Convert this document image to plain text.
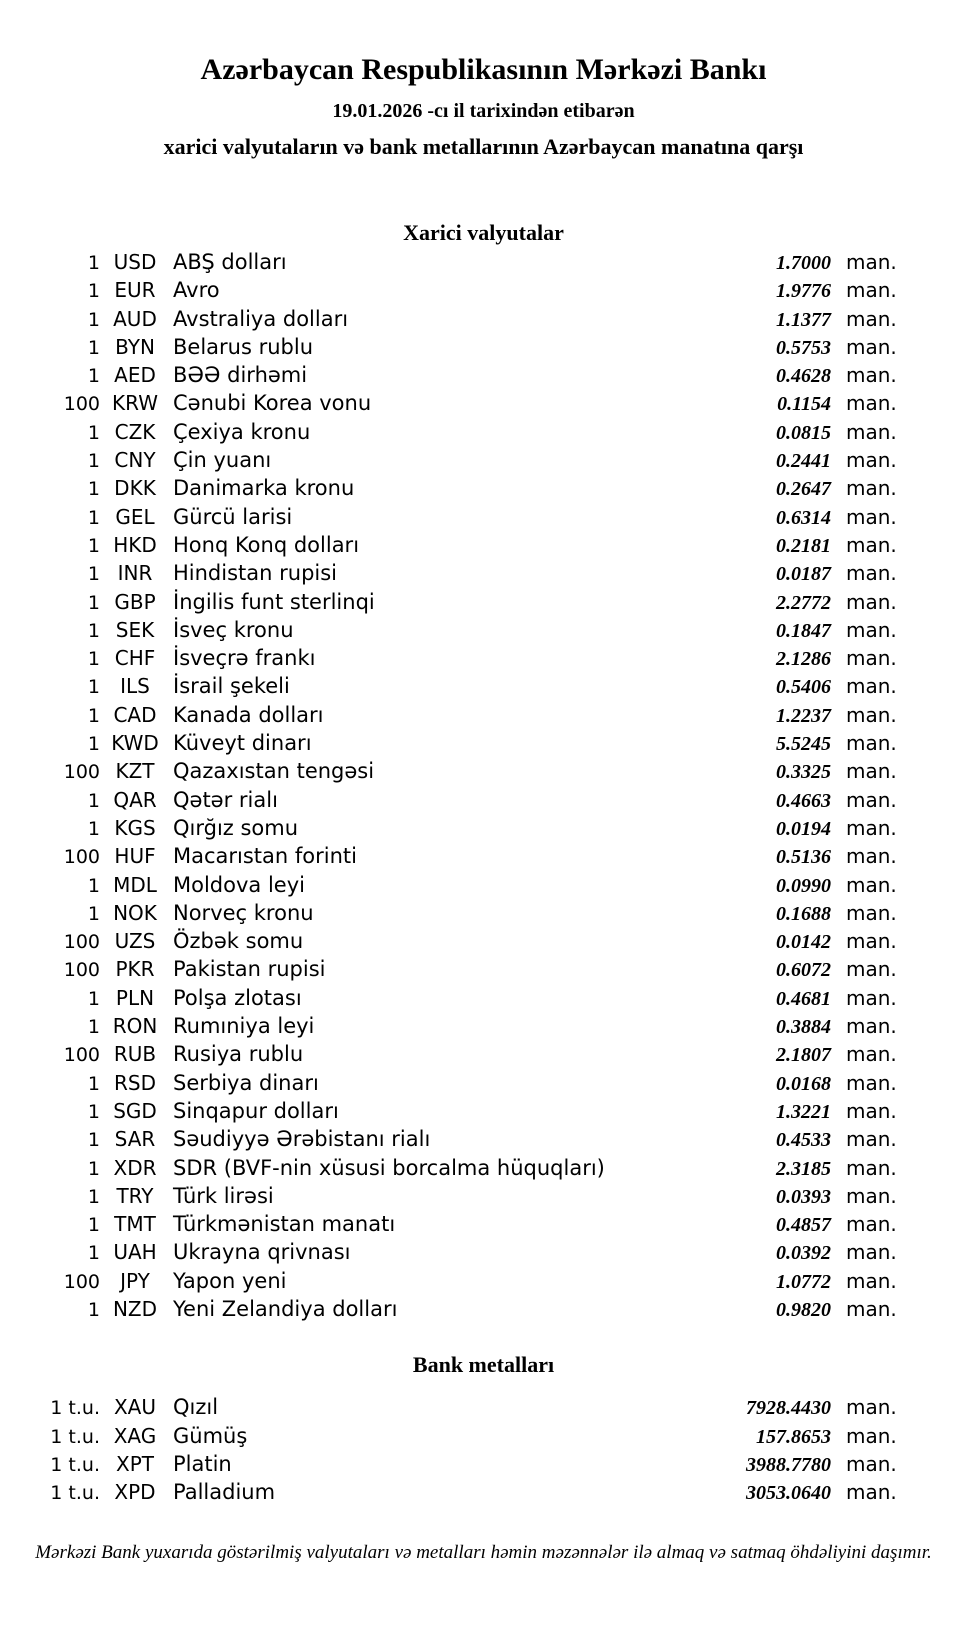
Azərbaycan Respublikasının Mərkəzi Bankı
19.01.2026 -cı il tarixindən etibarən
xarici valyutaların və bank metallarının Azərbaycan manatına qarşı
Xarici valyutalar
1 USD ABŞ dolları	1.7000 man.
1 EUR Avro	1.9776 man.
1 AUD Avstraliya dolları	1.1377 man.
1 BYN Belarus rublu	0.5753 man.
1 AED BƏƏ dirhəmi	0.4628 man.
100 KRW Cənubi Korea vonu	0.1154 man.
1 CZK Çexiya kronu	0.0815 man.
1 CNY Çin yuanı	0.2441 man.
1 DKK Danimarka kronu	0.2647 man.
1 GEL Gürcü larisi	0.6314 man.
1 HKD Honq Konq dolları	0.2181 man.
1 INR Hindistan rupisi	0.0187 man.
1 GBP İngilis funt sterlinqi	2.2772 man.
1 SEK İsveç kronu	0.1847 man.
1 CHF İsveçrə frankı	2.1286 man.
1	ILS	İsrail şekeli	0.5406 man.
1 CAD Kanada dolları	1.2237 man.
1 KWD Küveyt dinarı	5.5245 man.
100 KZT Qazaxıstan tengəsi	0.3325 man.
1 QAR Qətər rialı	0.4663 man.
1 KGS Qırğız somu	0.0194 man.
100 HUF Macarıstan forinti	0.5136 man.
1 MDL Moldova leyi	0.0990 man.
1 NOK Norveç kronu	0.1688 man.
100 UZS Özbək somu	0.0142 man.
100 PKR Pakistan rupisi	0.6072 man.
1 PLN Polşa zlotası	0.4681 man.
1 RON Rumıniya leyi	0.3884 man.
100 RUB Rusiya rublu	2.1807 man.
1 RSD Serbiya dinarı	0.0168 man.
1 SGD Sinqapur dolları	1.3221 man.
1 SAR Səudiyyə Ərəbistanı rialı	0.4533 man.
1 XDR SDR (BVF-nin xüsusi borcalma hüquqları)	2.3185 man.
1 TRY Türk lirəsi	0.0393 man.
1 TMT Türkmənistan manatı	0.4857 man.
1 UAH Ukrayna qrivnası	0.0392 man.
100	JPY	Yapon yeni	1.0772 man.
1 NZD Yeni Zelandiya dolları	0.9820 man.
Bank metalları
1 t.u. XAU Qızıl	7928.4430 man.
1 t.u. XAG Gümüş	157.8653 man.
1 t.u. XPT Platin	3988.7780 man.
1 t.u. XPD Palladium	3053.0640 man.
Mərkəzi Bank yuxarıda göstərilmiş valyutaları və metalları həmin məzənnələr ilə almaq və satmaq öhdəliyini daşımır.
